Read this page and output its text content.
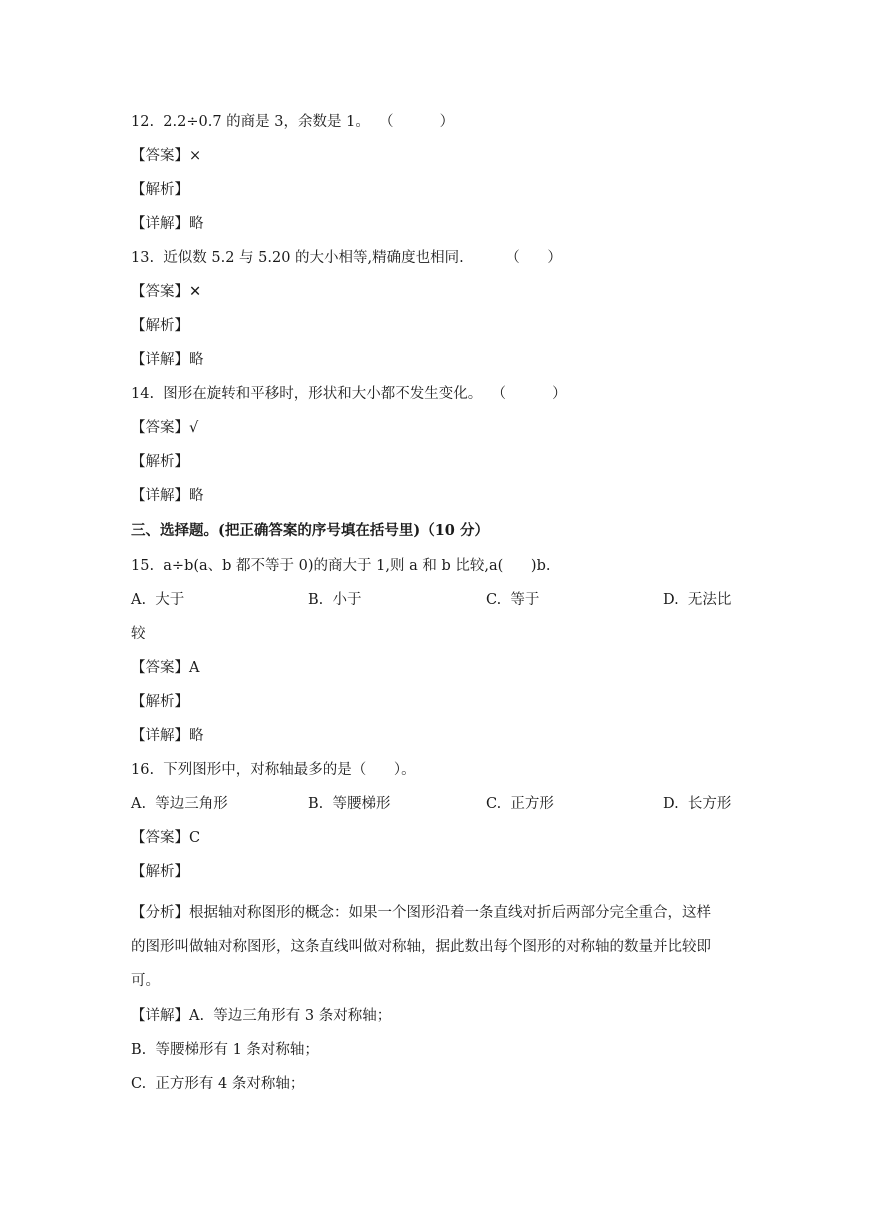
12.  2.2÷0.7 的商是 3，余数是 1。  （          ）
【答案】×
【解析】
【详解】略
13.  近似数 5.2 与 5.20 的大小相等,精确度也相同.         （      ）
【答案】✕
【解析】
【详解】略
14.  图形在旋转和平移时，形状和大小都不发生变化。  （          ）
【答案】√
【解析】
【详解】略
三、选择题。(把正确答案的序号填在括号里)（10 分）
15.  a÷b(a、b 都不等于 0)的商大于 1,则 a 和 b 比较,a(      )b.
A.  大于	B.  小于	C.  等于	D.  无法比
较
【答案】A
【解析】
【详解】略
16.  下列图形中，对称轴最多的是（      ）。
A.  等边三角形	B.  等腰梯形	C.  正方形	D.  长方形
【答案】C
【解析】
【分析】根据轴对称图形的概念：如果一个图形沿着一条直线对折后两部分完全重合，这样
的图形叫做轴对称图形，这条直线叫做对称轴，据此数出每个图形的对称轴的数量并比较即
可。
【详解】A.  等边三角形有 3 条对称轴；
B.  等腰梯形有 1 条对称轴；
C.  正方形有 4 条对称轴；
